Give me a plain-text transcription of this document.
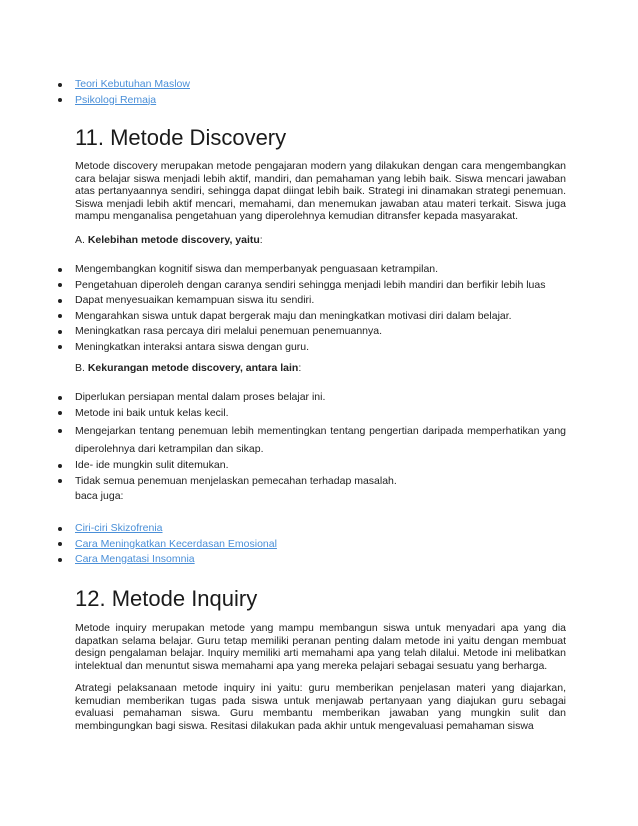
Teori Kebutuhan Maslow
Psikologi Remaja
11. Metode Discovery

Metode discovery merupakan metode pengajaran modern yang dilakukan dengan cara mengembangkan cara belajar siswa menjadi lebih aktif, mandiri, dan pemahaman yang lebih baik. Siswa mencari jawaban atas pertanyaannya sendiri, sehingga dapat diingat lebih baik. Strategi ini dinamakan strategi penemuan. Siswa menjadi lebih aktif mencari, memahami, dan menemukan jawaban atau materi terkait. Siswa juga mampu menganalisa pengetahuan yang diperolehnya kemudian ditransfer kepada masyarakat.

A. Kelebihan metode discovery, yaitu:
Mengembangkan kognitif siswa dan memperbanyak penguasaan ketrampilan.
Pengetahuan diperoleh dengan caranya sendiri sehingga menjadi lebih mandiri dan berfikir lebih luas
Dapat menyesuaikan kemampuan siswa itu sendiri.
Mengarahkan siswa untuk dapat bergerak maju dan meningkatkan motivasi diri dalam belajar.
Meningkatkan rasa percaya diri melalui penemuan penemuannya.
Meningkatkan interaksi antara siswa dengan guru.
B. Kekurangan metode discovery, antara lain:
Diperlukan persiapan mental dalam proses belajar ini.
Metode ini baik untuk kelas kecil.
Mengejarkan tentang penemuan lebih mementingkan tentang pengertian daripada memperhatikan yang diperolehnya dari ketrampilan dan sikap.
Ide- ide mungkin sulit ditemukan.
Tidak semua penemuan menjelaskan pemecahan terhadap masalah.
baca juga:
Ciri-ciri Skizofrenia
Cara Meningkatkan Kecerdasan Emosional
Cara Mengatasi Insomnia
12. Metode Inquiry

Metode inquiry merupakan metode yang mampu membangun siswa untuk menyadari apa yang dia dapatkan selama belajar. Guru tetap memiliki peranan penting dalam metode ini yaitu dengan membuat design pengalaman belajar. Inquiry memiliki arti memahami apa yang telah dilalui. Metode ini melibatkan intelektual dan menuntut siswa memahami apa yang mereka pelajari sebagai sesuatu yang berharga.

Atrategi pelaksanaan metode inquiry ini yaitu: guru memberikan penjelasan materi yang diajarkan, kemudian memberikan tugas pada siswa untuk menjawab pertanyaan yang diajukan guru sebagai evaluasi pemahaman siswa. Guru membantu memberikan jawaban yang mungkin sulit dan membingungkan bagi siswa. Resitasi dilakukan pada akhir untuk mengevaluasi pemahaman siswa
